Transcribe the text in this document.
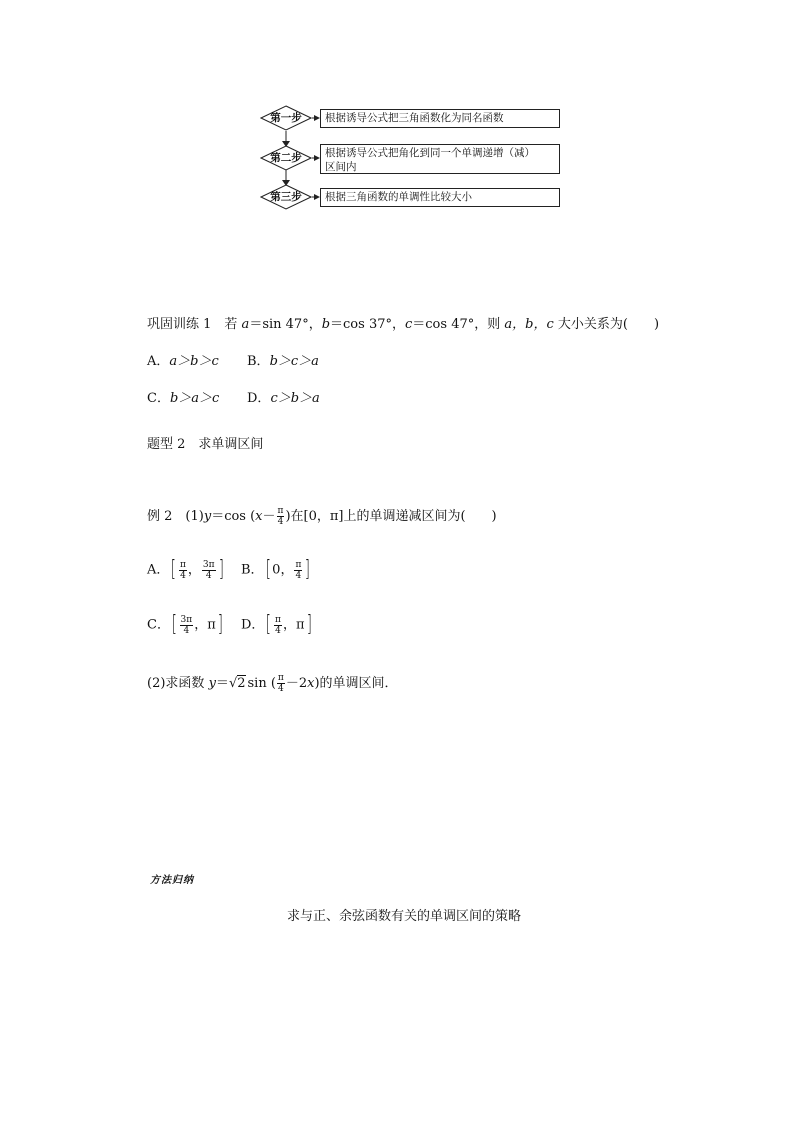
第一步	根据诱导公式把三角函数化为同名函数
第二步	根据诱导公式把角化到同一个单调递增（减）
区间内
第三步	根据三角函数的单调性比较大小
巩固训练 1　若 a＝sin 47°，b＝cos 37°，c＝cos 47°，则 a，b，c 大小关系为(　　)
A．a＞b＞c B．b＞c＞a
C．b＞a＞c D．c＞b＞a
题型 2　求单调区间
例 2　(1)y＝cos ($x- \frac{\pi}{4}$ )在[0，π]上的单调递减区间为(　　)
A．[ $\frac{\pi}{4}$ ， $\frac{3\pi}{4}$ ] B．[ 0， $\frac{\pi}{4}$ ]
C．[ $\frac{3\pi}{4}$ ，π] D．[ $\frac{\pi}{4}$ ，π]
(2)求函数 y＝√2 sin ( $\frac{\pi}{4} -2x$)的单调区间．
方法归纳
求与正、余弦函数有关的单调区间的策略
